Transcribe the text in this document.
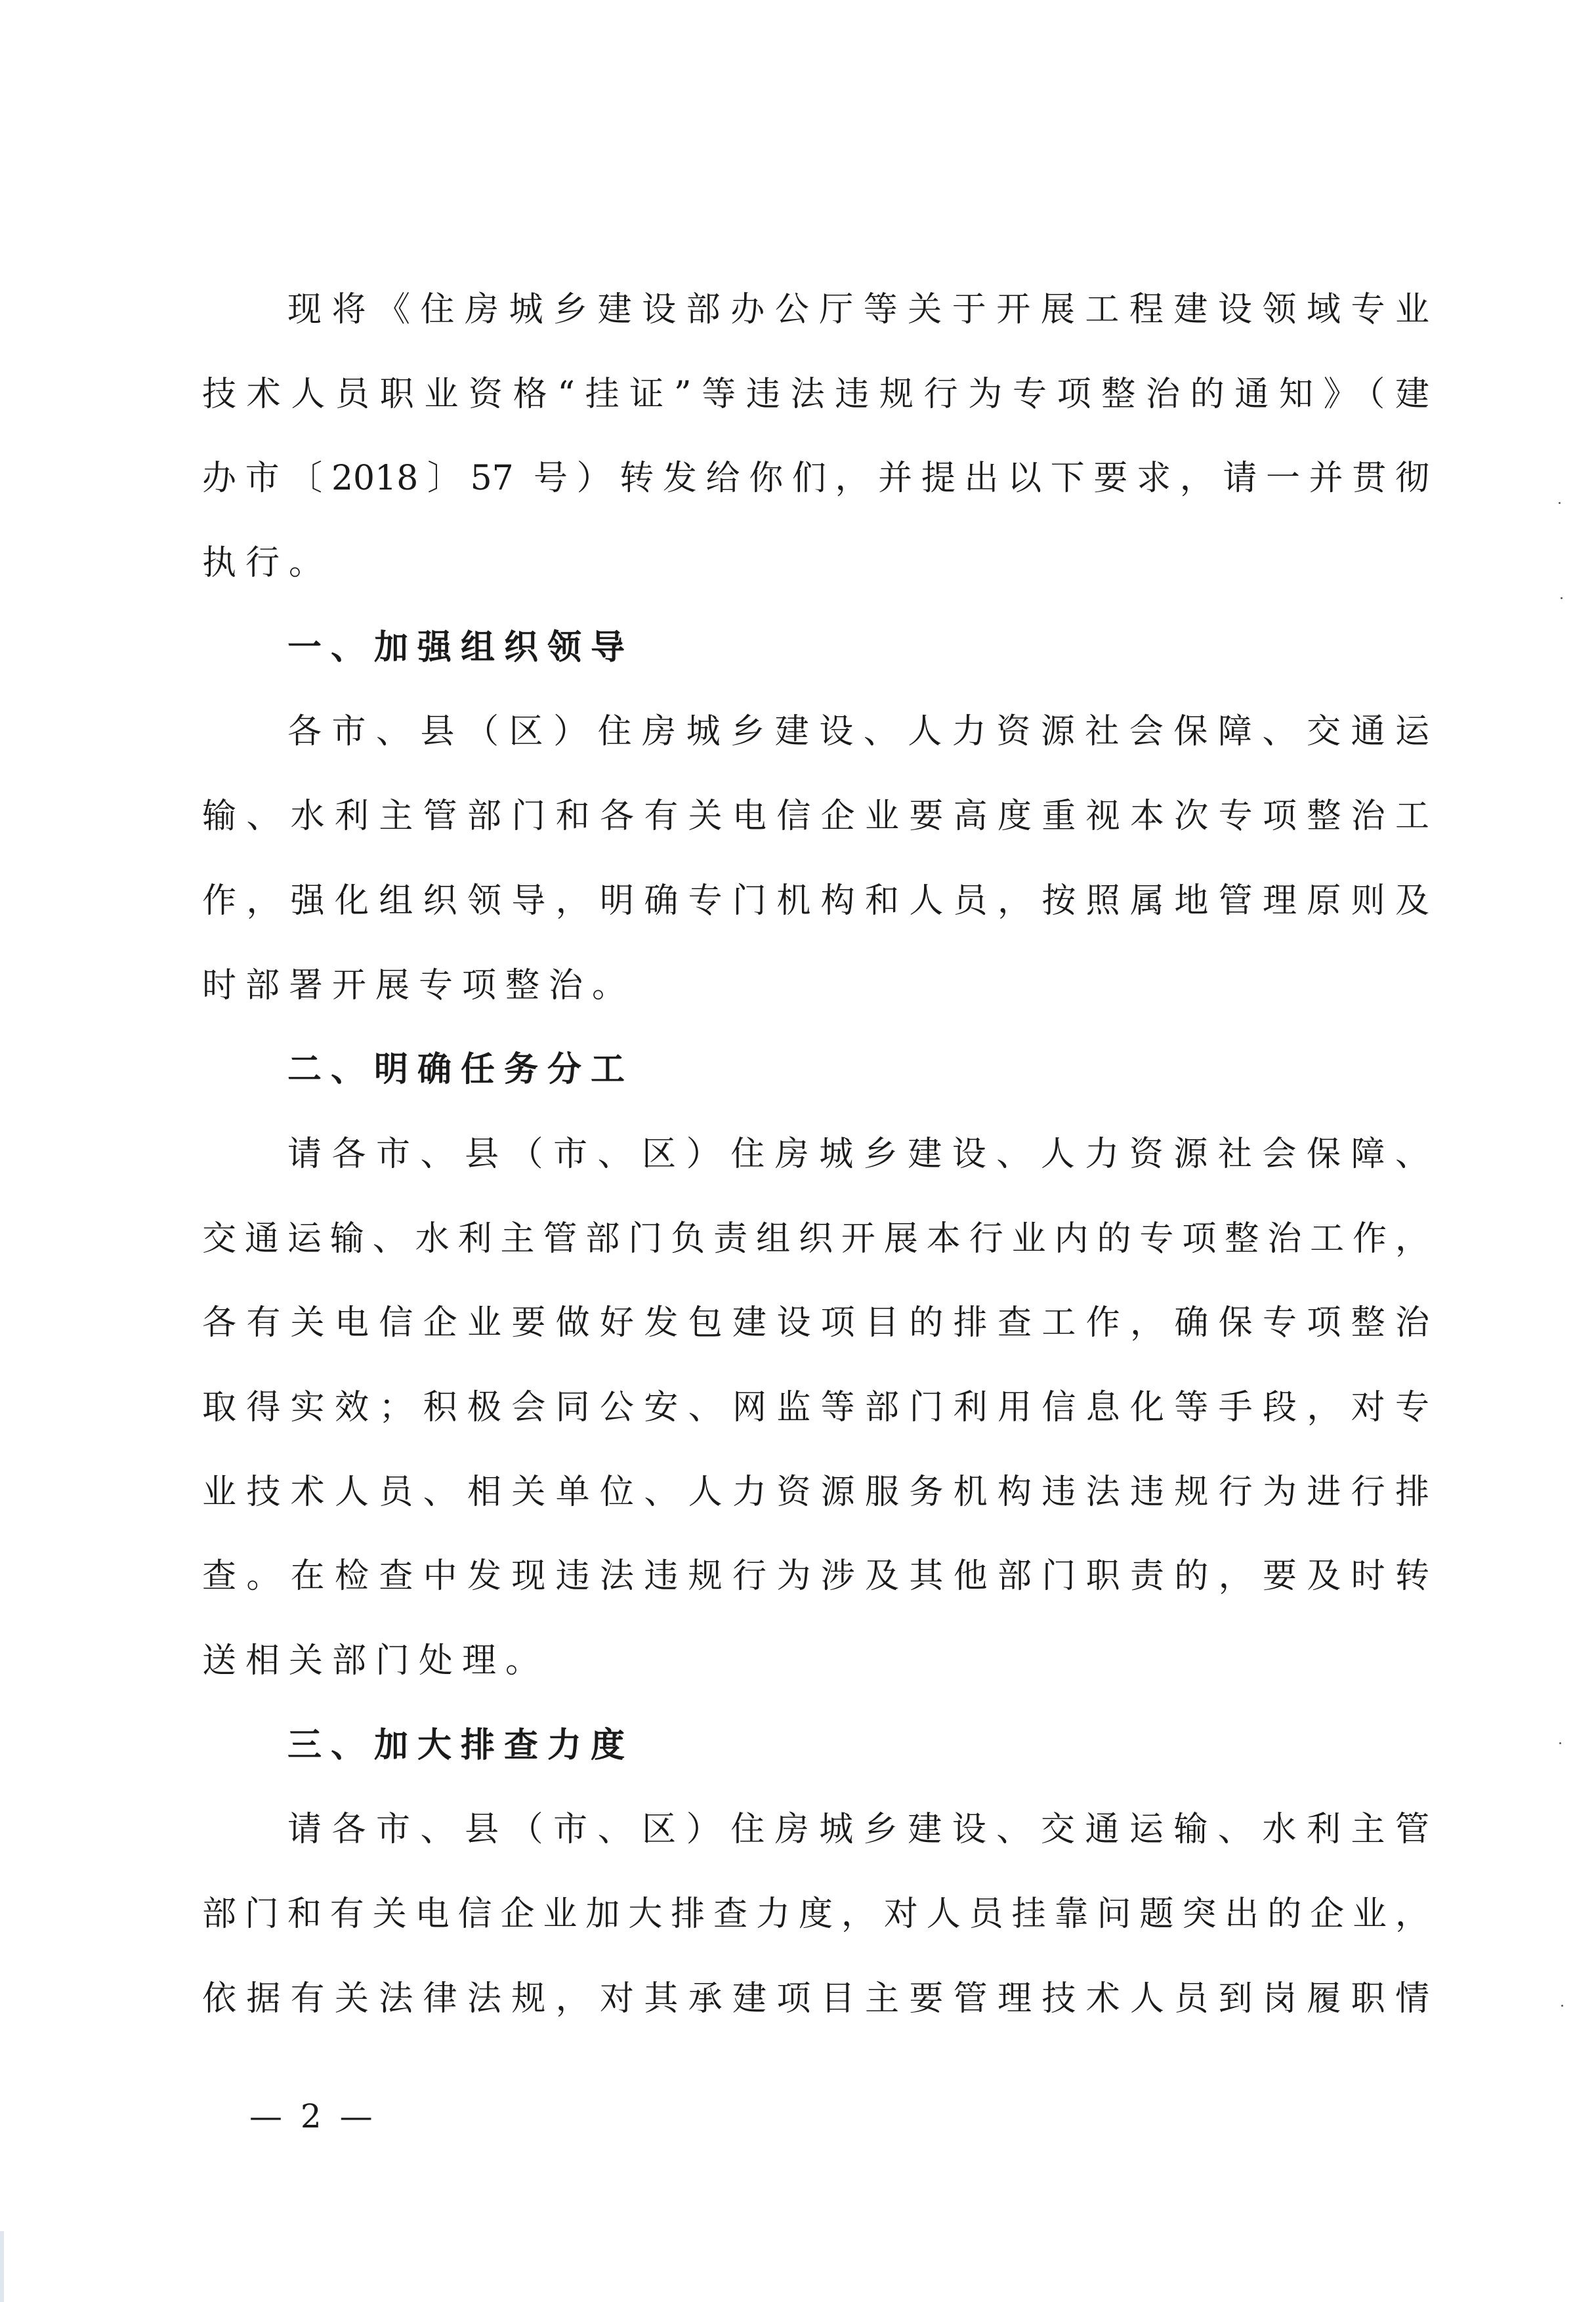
现将《住房城乡建设部办公厅等关于开展工程建设领域专业
技术人员职业资格“挂证”等违法违规行为专项整治的通知》（建
办市〔2018〕57 号）转发给你们，并提出以下要求，请一并贯彻
执行。
一、加强组织领导
各市、县（区）住房城乡建设、人力资源社会保障、交通运
输、水利主管部门和各有关电信企业要高度重视本次专项整治工
作，强化组织领导，明确专门机构和人员，按照属地管理原则及
时部署开展专项整治。
二、明确任务分工
请各市、县（市、区）住房城乡建设、人力资源社会保障、
交通运输、水利主管部门负责组织开展本行业内的专项整治工作，
各有关电信企业要做好发包建设项目的排查工作，确保专项整治
取得实效；积极会同公安、网监等部门利用信息化等手段，对专
业技术人员、相关单位、人力资源服务机构违法违规行为进行排
查。在检查中发现违法违规行为涉及其他部门职责的，要及时转
送相关部门处理。
三、加大排查力度
请各市、县（市、区）住房城乡建设、交通运输、水利主管
部门和有关电信企业加大排查力度，对人员挂靠问题突出的企业，
依据有关法律法规，对其承建项目主要管理技术人员到岗履职情
— 2 —
